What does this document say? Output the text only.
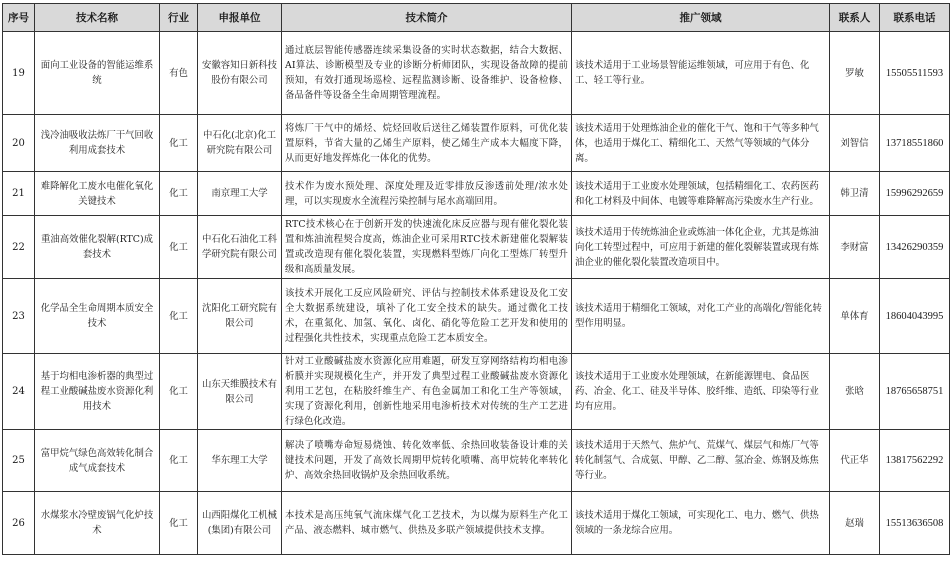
序号	技术名称	行业	申报单位	技术简介	推广领域	联系人	联系电话
19	面向工业设备的智能运维系统	有色	安徽容知日新科技股份有限公司	通过底层智能传感器连续采集设备的实时状态数据，结合大数据、AI算法、诊断模型及专业的诊断分析师团队，实现设备故障的提前预知，有效打通现场巡检、远程监测诊断、设备维护、设备检修、备品备件等设备全生命周期管理流程。	该技术适用于工业场景智能运维领域，可应用于有色、化工、轻工等行业。	罗敏	15505511593
20	浅冷油吸收法炼厂干气回收利用成套技术	化工	中石化(北京)化工研究院有限公司	将炼厂干气中的烯烃、烷烃回收后送往乙烯装置作原料，可优化装置原料，节省大量的乙烯生产原料，使乙烯生产成本大幅度下降，从而更好地发挥炼化一体化的优势。	该技术适用于处理炼油企业的催化干气、饱和干气等多种气体，也适用于煤化工、精细化工、天然气等领域的气体分离。	刘智信	13718551860
21	难降解化工废水电催化氧化关键技术	化工	南京理工大学	技术作为废水预处理、深度处理及近零排放反渗透前处理/浓水处理，可以实现废水全流程污染控制与尾水高端回用。	该技术适用于工业废水处理领域，包括精细化工、农药医药和化工材料及中间体、电镀等难降解高污染废水生产行业。	韩卫清	15996292659
22	重油高效催化裂解(RTC)成套技术	化工	中石化石油化工科学研究院有限公司	RTC技术核心在于创新开发的快速流化床反应器与现有催化裂化装置和炼油流程契合度高，炼油企业可采用RTC技术新建催化裂解装置或改造现有催化裂化装置，实现燃料型炼厂向化工型炼厂转型升级和高质量发展。	该技术适用于传统炼油企业或炼油一体化企业，尤其是炼油向化工转型过程中，可应用于新建的催化裂解装置或现有炼油企业的催化裂化装置改造项目中。	李财富	13426290359
23	化学品全生命周期本质安全技术	化工	沈阳化工研究院有限公司	该技术开展化工反应风险研究、评估与控制技术体系建设及化工安全大数据系统建设，填补了化工安全技术的缺失。通过微化工技术，在重氮化、加氢、氧化、卤化、硝化等危险工艺开发和使用的过程强化共性技术，实现重点危险工艺本质安全。	该技术适用于精细化工领域，对化工产业的高端化/智能化转型作用明显。	单体育	18604043995
24	基于均相电渗析器的典型过程工业酸碱盐废水资源化利用技术	化工	山东天维膜技术有限公司	针对工业酸碱盐废水资源化应用难题，研发互穿网络结构均相电渗析膜并实现规模化生产，并开发了典型过程工业酸碱盐废水资源化利用工艺包，在粘胶纤维生产、有色金属加工和化工生产等领域，实现了资源化利用，创新性地采用电渗析技术对传统的生产工艺进行绿色化改造。	该技术适用于工业废水处理领域，在新能源锂电、食品医药、冶金、化工、硅及半导体、胶纤维、造纸、印染等行业均有应用。	张晗	18765658751
25	富甲烷气绿色高效转化制合成气成套技术	化工	华东理工大学	解决了喷嘴寿命短易烧蚀、转化效率低、余热回收装备设计难的关键技术问题，开发了高效长周期甲烷转化喷嘴、高甲烷转化率转化炉、高效余热回收锅炉及余热回收系统。	该技术适用于天然气、焦炉气、荒煤气、煤层气和炼厂气等转化制氢气、合成氨、甲醇、乙二醇、氢冶金、炼钢及炼焦等行业。	代正华	13817562292
26	水煤浆水冷壁废锅气化炉技术	化工	山西阳煤化工机械(集团)有限公司	本技术是高压纯氧气流床煤气化工艺技术，为以煤为原料生产化工产品、液态燃料、城市燃气、供热及多联产领域提供技术支撑。	该技术适用于煤化工领域，可实现化工、电力、燃气、供热领域的一条龙综合应用。	赵瑞	15513636508
